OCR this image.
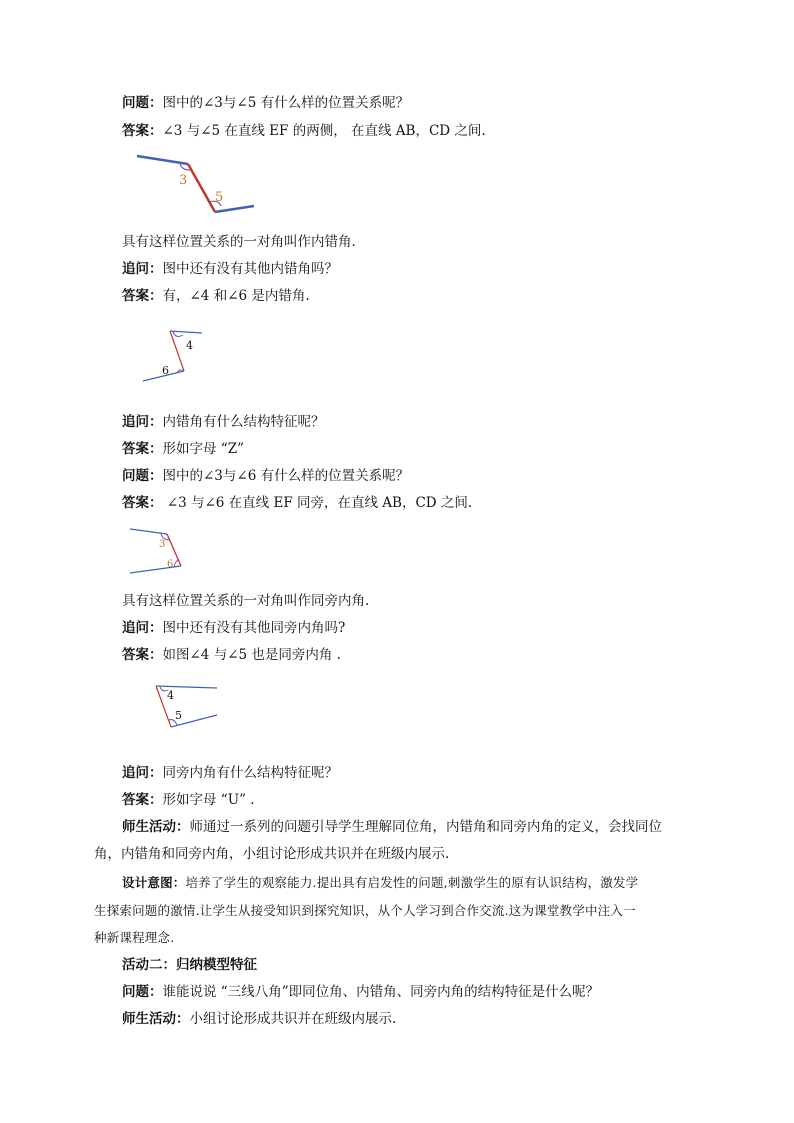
问题：图中的∠3与∠5 有什么样的位置关系呢？
答案：∠3 与∠5 在直线 EF 的两侧， 在直线 AB，CD 之间.
3
5
具有这样位置关系的一对角叫作内错角.
追问：图中还有没有其他内错角吗？
答案：有，∠4 和∠6 是内错角.
4
6
追问：内错角有什么结构特征呢？
答案：形如字母 “Z”
问题：图中的∠3与∠6 有什么样的位置关系呢？
答案： ∠3 与∠6 在直线 EF 同旁，在直线 AB，CD 之间.
3
6
具有这样位置关系的一对角叫作同旁内角.
追问：图中还有没有其他同旁内角吗?
答案：如图∠4 与∠5 也是同旁内角 .
4
5
追问：同旁内角有什么结构特征呢？
答案：形如字母 “U” .
师生活动：师通过一系列的问题引导学生理解同位角，内错角和同旁内角的定义，会找同位
角，内错角和同旁内角，小组讨论形成共识并在班级内展示.
设计意图：培养了学生的观察能力.提出具有启发性的问题,刺激学生的原有认识结构，激发学
生探索问题的激情.让学生从接受知识到探究知识，从个人学习到合作交流.这为课堂教学中注入一
种新课程理念.
活动二：归纳模型特征
问题：谁能说说 “三线八角”即同位角、内错角、同旁内角的结构特征是什么呢？
师生活动：小组讨论形成共识并在班级内展示.
